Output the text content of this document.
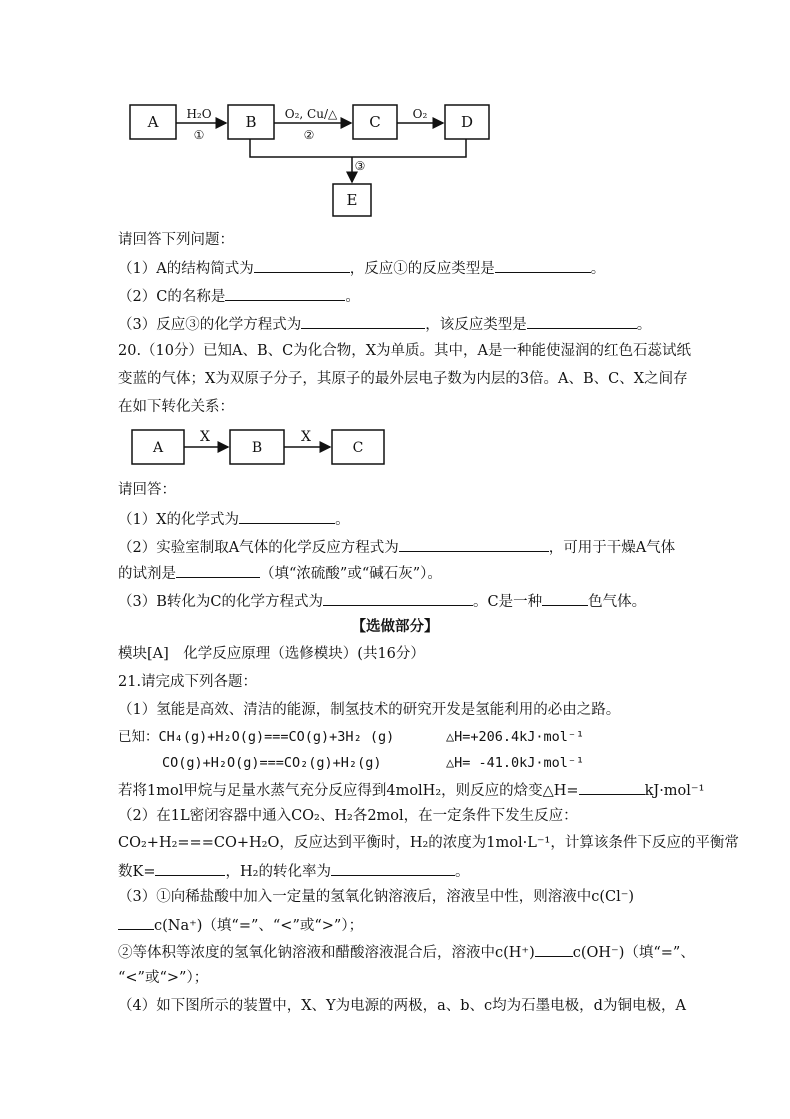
A	B	C	D
E
H₂O
①
O₂, Cu/△
②
O₂
③
请回答下列问题：
（1）A的结构简式为	，反应①的反应类型是	。
（2）C的名称是	。
（3）反应③的化学方程式为	，该反应类型是	。
20.（10分）已知A、B、C为化合物，X为单质。其中，A是一种能使湿润的红色石蕊试纸
变蓝的气体；X为双原子分子，其原子的最外层电子数为内层的3倍。A、B、C、X之间存
在如下转化关系：
A	B	C
X	X
请回答：
（1）X的化学式为	。
（2）实验室制取A气体的化学反应方程式为	，可用于干燥A气体
的试剂是	（填“浓硫酸”或“碱石灰”）。
（3）B转化为C的化学方程式为	。C是一种	色气体。
【选做部分】
模块[A]　化学反应原理（选修模块）(共16分）
21.请完成下列各题：
（1）氢能是高效、清洁的能源，制氢技术的研究开发是氢能利用的必由之路。
已知：CH₄(g)+H₂O(g)===CO(g)+3H₂ (g)	△H=+206.4kJ·mol⁻¹
CO(g)+H₂O(g)===CO₂(g)+H₂(g)	△H= -41.0kJ·mol⁻¹
若将1mol甲烷与足量水蒸气充分反应得到4molH₂，则反应的焓变△H=	kJ·mol⁻¹
（2）在1L密闭容器中通入CO₂、H₂各2mol，在一定条件下发生反应：
CO₂+H₂===CO+H₂O，反应达到平衡时，H₂的浓度为1mol·L⁻¹，计算该条件下反应的平衡常
数K=	，H₂的转化率为	。
（3）①向稀盐酸中加入一定量的氢氧化钠溶液后，溶液呈中性，则溶液中c(Cl⁻)
c(Na⁺)（填“=”、“<”或“>”）；
②等体积等浓度的氢氧化钠溶液和醋酸溶液混合后，溶液中c(H⁺)	c(OH⁻)（填“=”、
“<”或“>”）；
（4）如下图所示的装置中，X、Y为电源的两极，a、b、c均为石墨电极，d为铜电极，A
